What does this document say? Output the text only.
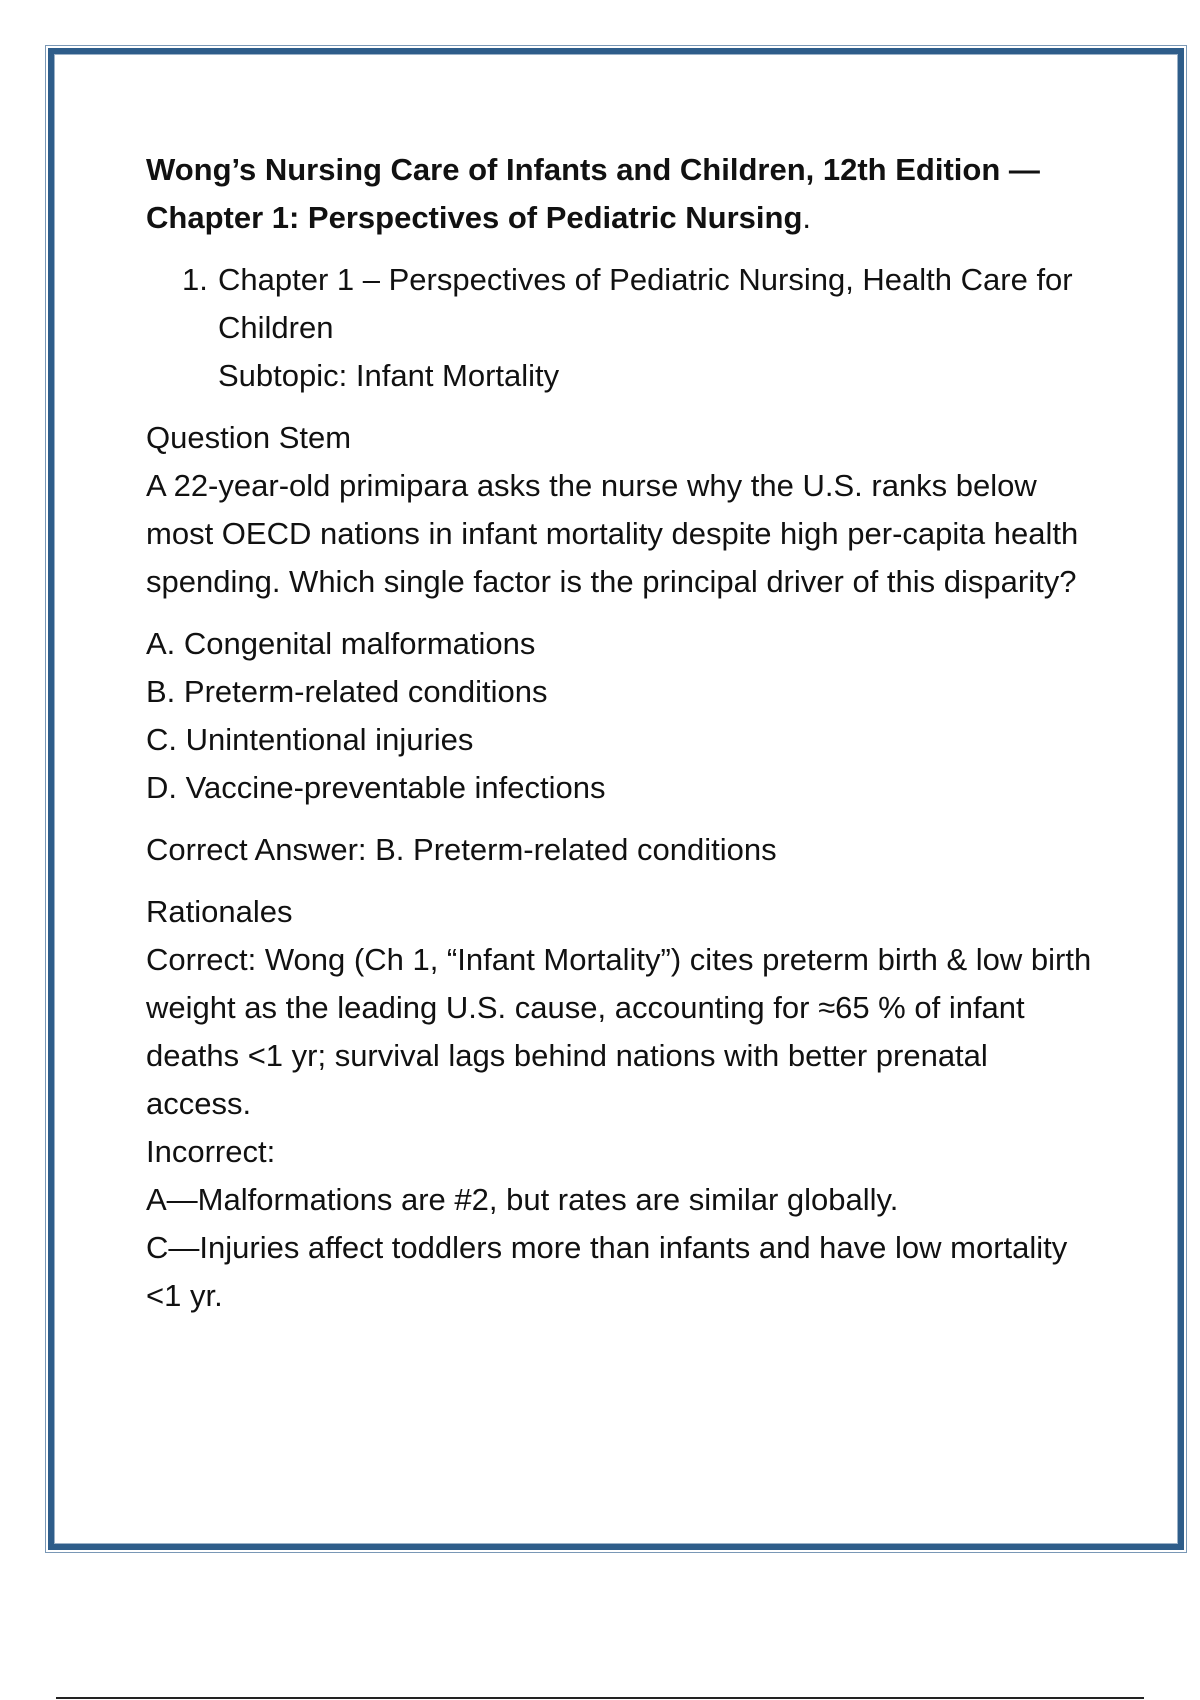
Wong’s Nursing Care of Infants and Children, 12th Edition — Chapter 1: Perspectives of Pediatric Nursing.
1. Chapter 1 – Perspectives of Pediatric Nursing, Health Care for Children
Subtopic: Infant Mortality
Question Stem
A 22-year-old primipara asks the nurse why the U.S. ranks below most OECD nations in infant mortality despite high per-capita health spending. Which single factor is the principal driver of this disparity?
A. Congenital malformations
B. Preterm-related conditions
C. Unintentional injuries
D. Vaccine-preventable infections
Correct Answer: B. Preterm-related conditions
Rationales
Correct: Wong (Ch 1, “Infant Mortality”) cites preterm birth & low birth weight as the leading U.S. cause, accounting for ≈65 % of infant deaths <1 yr; survival lags behind nations with better prenatal access.
Incorrect:
A—Malformations are #2, but rates are similar globally.
C—Injuries affect toddlers more than infants and have low mortality <1 yr.
